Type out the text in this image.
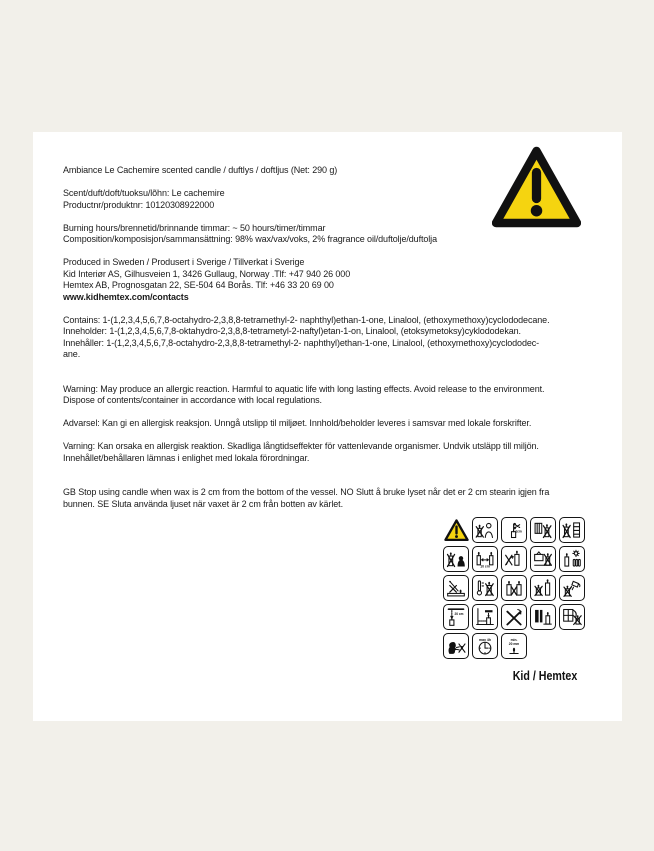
Ambiance Le Cachemire scented candle / duftlys / doftljus (Net: 290 g)
Scent/duft/doft/tuoksu/lõhn: Le cachemire
Productnr/produktnr: 10120308922000
Burning hours/brennetid/brinnande timmar: ~ 50 hours/timer/timmar
Composition/komposisjon/sammansättning: 98% wax/vax/voks, 2% fragrance oil/duftolje/duftolja
Produced in Sweden / Produsert i Sverige / Tillverkat i Sverige
Kid Interiør AS, Gilhusveien 1, 3426 Gullaug, Norway .Tlf: +47 940 26 000
Hemtex AB, Prognosgatan 22, SE-504 64 Borås. Tlf: +46 33 20 69 00
www.kidhemtex.com/contacts
Contains: 1-(1,2,3,4,5,6,7,8-octahydro-2,3,8,8-tetramethyl-2- naphthyl)ethan-1-one, Linalool, (ethoxymethoxy)cyclododecane.
Inneholder: 1-(1,2,3,4,5,6,7,8-oktahydro-2,3,8,8-tetrametyl-2-naftyl)etan-1-on, Linalool, (etoksymetoksy)cyklododekan.
Innehåller: 1-(1,2,3,4,5,6,7,8-octahydro-2,3,8,8-tetramethyl-2- naphthyl)ethan-1-one, Linalool, (ethoxymethoxy)cyclododec-
ane.
Warning: May produce an allergic reaction. Harmful to aquatic life with long lasting effects. Avoid release to the environment.
Dispose of contents/container in accordance with local regulations.
Advarsel: Kan gi en allergisk reaksjon. Unngå utslipp til miljøet. Innhold/beholder leveres i samsvar med lokale forskrifter.
Varning: Kan orsaka en allergisk reaktion. Skadliga långtidseffekter för vattenlevande organismer. Undvik utsläpp till miljön.
Innehållet/behållaren lämnas i enlighet med lokala förordningar.
GB Stop using candle when wax is 2 cm from the bottom of the vessel. NO Slutt å bruke lyset når det er 2 cm stearin igjen fra
bunnen. SE Sluta använda ljuset när vaxet är 2 cm från botten av kärlet.
1cm
10 cm
20 cm
max 4h	min.
20 mm
Kid / Hemtex
